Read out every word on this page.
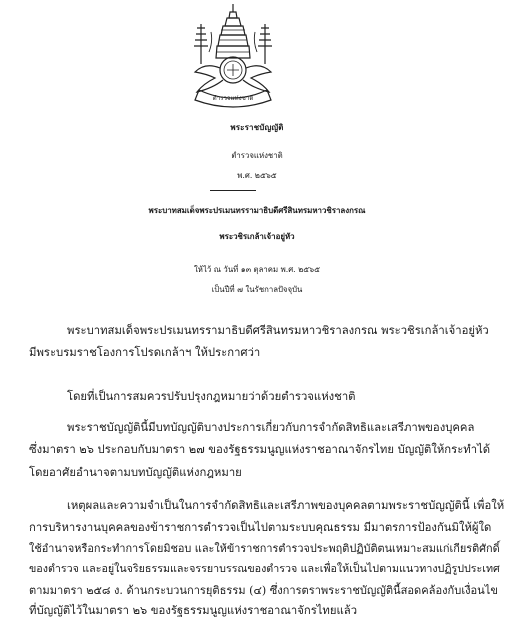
ตำรวจแห่งชาติ
พระราชบัญญัติ
ตำรวจแห่งชาติ
พ.ศ. ๒๕๖๕
พระบาทสมเด็จพระปรเมนทรรามาธิบดีศรีสินทรมหาวชิราลงกรณ
พระวชิรเกล้าเจ้าอยู่หัว
ให้ไว้ ณ วันที่ ๑๓ ตุลาคม พ.ศ. ๒๕๖๕
เป็นปีที่ ๗ ในรัชกาลปัจจุบัน
พระบาทสมเด็จพระปรเมนทรรามาธิบดีศรีสินทรมหาวชิราลงกรณ พระวชิรเกล้าเจ้าอยู่หัว
มีพระบรมราชโองการโปรดเกล้าฯ ให้ประกาศว่า
โดยที่เป็นการสมควรปรับปรุงกฎหมายว่าด้วยตำรวจแห่งชาติ
พระราชบัญญัตินี้มีบทบัญญัติบางประการเกี่ยวกับการจำกัดสิทธิและเสรีภาพของบุคคล
ซึ่งมาตรา ๒๖ ประกอบกับมาตรา ๒๗ ของรัฐธรรมนูญแห่งราชอาณาจักรไทย บัญญัติให้กระทำได้
โดยอาศัยอำนาจตามบทบัญญัติแห่งกฎหมาย
เหตุผลและความจำเป็นในการจำกัดสิทธิและเสรีภาพของบุคคลตามพระราชบัญญัตินี้ เพื่อให้
การบริหารงานบุคคลของข้าราชการตำรวจเป็นไปตามระบบคุณธรรม มีมาตรการป้องกันมิให้ผู้ใด
ใช้อำนาจหรือกระทำการโดยมิชอบ และให้ข้าราชการตำรวจประพฤติปฏิบัติตนเหมาะสมแก่เกียรติศักดิ์
ของตำรวจ และอยู่ในจริยธรรมและจรรยาบรรณของตำรวจ และเพื่อให้เป็นไปตามแนวทางปฏิรูปประเทศ
ตามมาตรา ๒๕๘ ง. ด้านกระบวนการยุติธรรม (๔) ซึ่งการตราพระราชบัญญัตินี้สอดคล้องกับเงื่อนไข
ที่บัญญัติไว้ในมาตรา ๒๖ ของรัฐธรรมนูญแห่งราชอาณาจักรไทยแล้ว
